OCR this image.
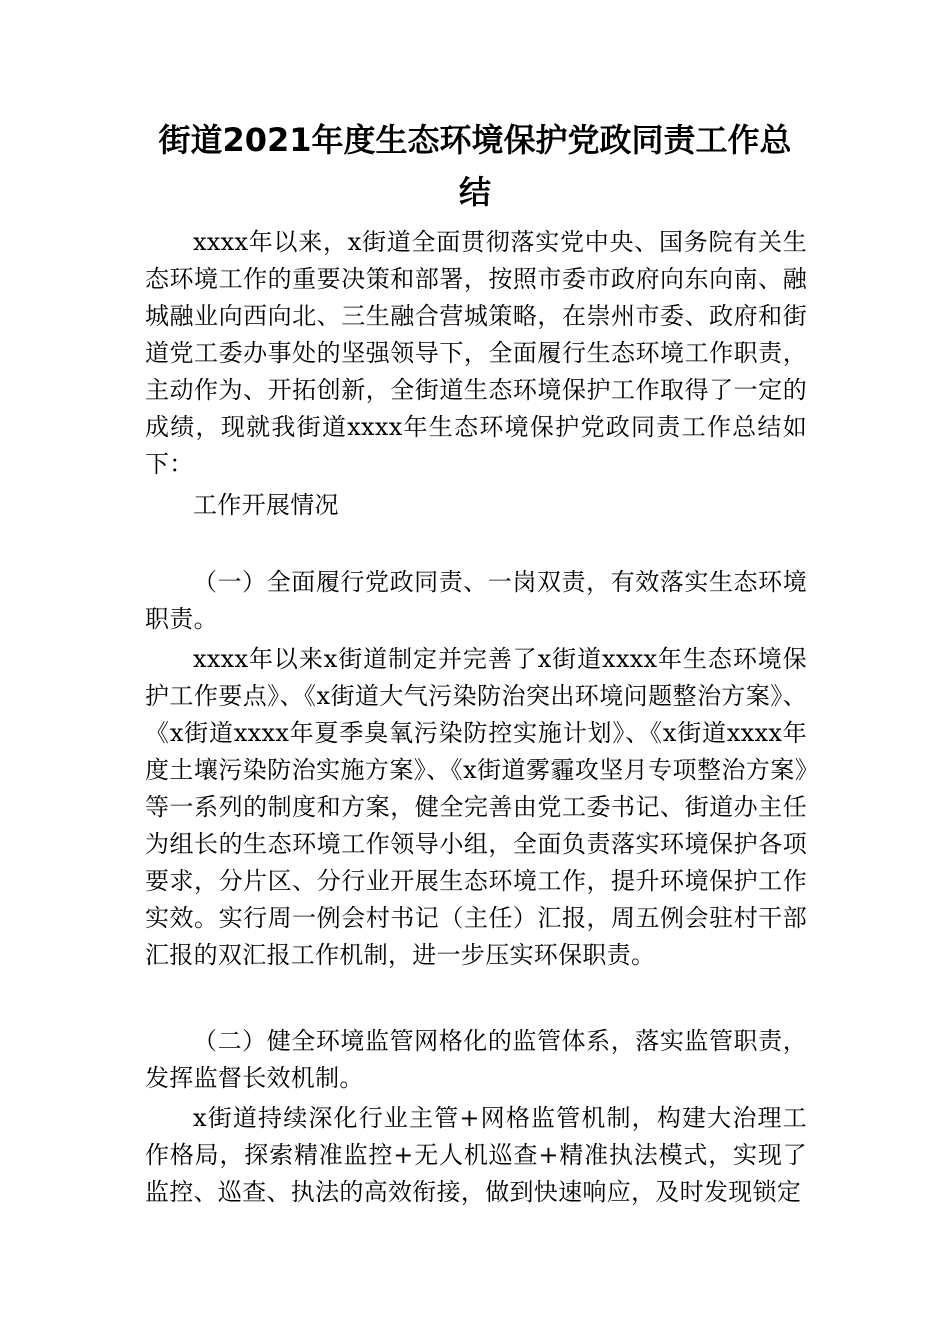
街道2021年度生态环境保护党政同责工作总
结

xxxx年以来，x街道全面贯彻落实党中央、国务院有关生态环境工作的重要决策和部署，按照市委市政府向东向南、融城融业向西向北、三生融合营城策略，在崇州市委、政府和街道党工委办事处的坚强领导下，全面履行生态环境工作职责，主动作为、开拓创新，全街道生态环境保护工作取得了一定的成绩，现就我街道xxxx年生态环境保护党政同责工作总结如下：

工作开展情况

（一）全面履行党政同责、一岗双责，有效落实生态环境职责。

xxxx年以来x街道制定并完善了x街道xxxx年生态环境保护工作要点》、《x街道大气污染防治突出环境问题整治方案》、《x街道xxxx年夏季臭氧污染防控实施计划》、《x街道xxxx年度土壤污染防治实施方案》、《x街道雾霾攻坚月专项整治方案》等一系列的制度和方案，健全完善由党工委书记、街道办主任为组长的生态环境工作领导小组，全面负责落实环境保护各项要求，分片区、分行业开展生态环境工作，提升环境保护工作实效。实行周一例会村书记（主任）汇报，周五例会驻村干部汇报的双汇报工作机制，进一步压实环保职责。

（二）健全环境监管网格化的监管体系，落实监管职责，发挥监督长效机制。

x街道持续深化行业主管+网格监管机制，构建大治理工作格局，探索精准监控+无人机巡查+精准执法模式，实现了监控、巡查、执法的高效衔接，做到快速响应，及时发现锁定
